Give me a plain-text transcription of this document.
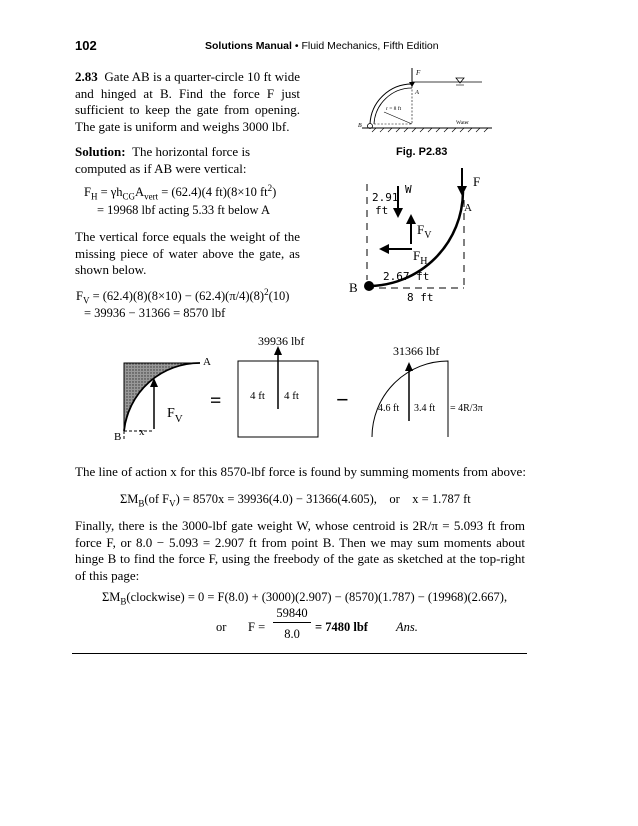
102	Solutions Manual • Fluid Mechanics, Fifth Edition
2.83 Gate AB is a quarter-circle 10 ft wide and hinged at B. Find the force F just sufficient to keep the gate from opening. The gate is uniform and weighs 3000 lbf.
F
A
r = 8 ft
B	Water
Fig. P2.83
Solution: The horizontal force is computed as if AB were vertical:
$F_H = \gamma h_{CG}A_{vert} = (62.4)(4$ ft)(8×10 $ft^2$)
= 19968 lbf acting 5.33 ft below A
The vertical force equals the weight of the missing piece of water above the gate, as shown below.
$F_V = (62.4)(8)(8\times 10) - (62.4)(\pi/4)(8)^2(10)$
= 39936 − 31366 = 8570 lbf
B
2.91
ft
W
F
A
$F_V$
$F_H$
2.67 ft
8 ft
A
B x
$F_V$
=
39936 lbf
4 ft 4 ft −
31366 lbf
4.6 ft 3.4 ft = 4R/3π
The line of action x for this 8570-lbf force is found by summing moments from above:
$\Sigma M_B(of$ $F_V) = 8570x = 39936(4.0) - 31366(4.605)$,    or    x = 1.787 ft
Finally, there is the 3000-lbf gate weight W, whose centroid is 2R/π = 5.093 ft from force F, or 8.0 − 5.093 = 2.907 ft from point B. Then we may sum moments about hinge B to find the force F, using the freebody of the gate as sketched at the top-right of this page:
$\Sigma M_B(clockwise) = 0 = F(8.0) + (3000)(2.907) - (8570)(1.787) - (19968)(2.667)$,
or F =
59840
8.0	= 7480 lbf Ans.
